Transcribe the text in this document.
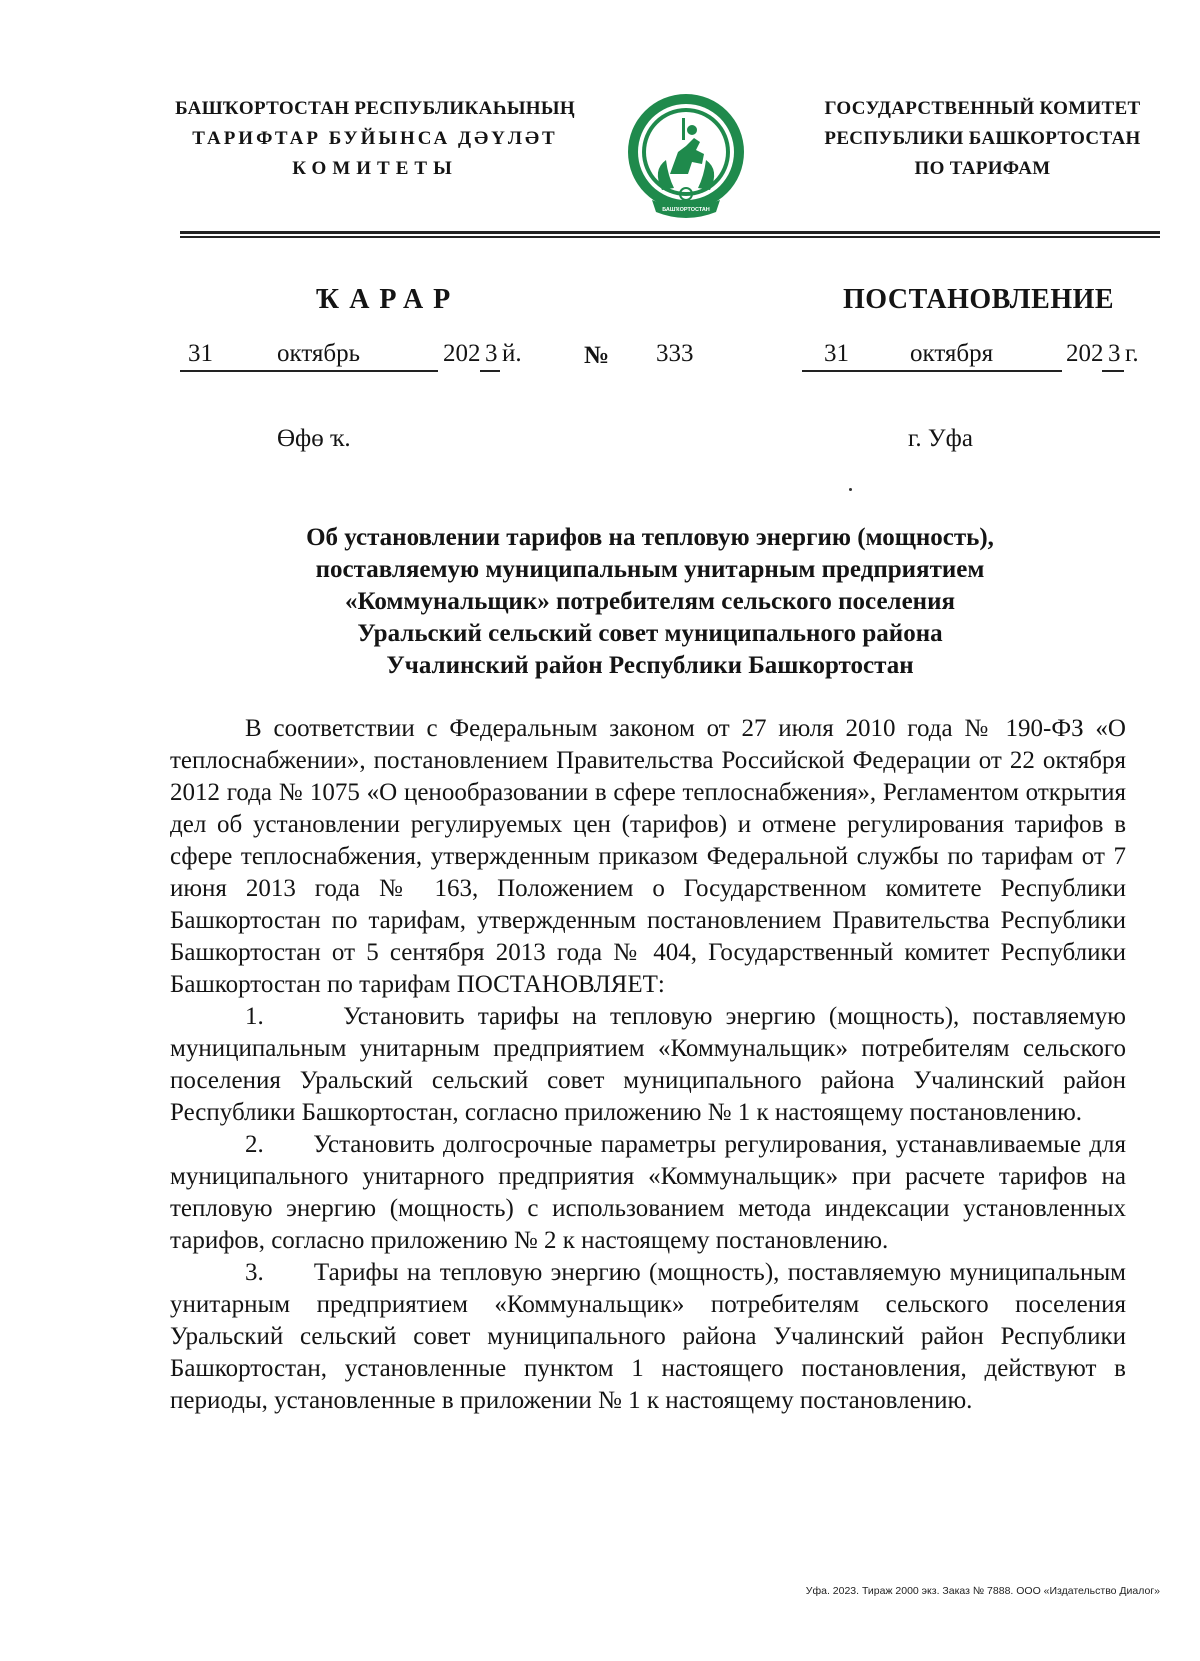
БАШҠОРТОСТАН РЕСПУБЛИКАҺЫНЫҢ
ТАРИФТАР БУЙЫНСА ДӘҮЛӘТ
КОМИТЕТЫ
БАШҠОРТОСТАН
ГОСУДАРСТВЕННЫЙ КОМИТЕТ
РЕСПУБЛИКИ БАШКОРТОСТАН
ПО ТАРИФАМ
ҠАРАР	ПОСТАНОВЛЕНИЕ
31	октябрь	202 3 й. № 333	31 октября	202 3 г.
Өфө ҡ.	г. Уфа
Об установлении тарифов на тепловую энергию (мощность),
поставляемую муниципальным унитарным предприятием
«Коммунальщик» потребителям сельского поселения
Уральский сельский совет муниципального района
Учалинский район Республики Башкортостан

В соответствии с Федеральным законом от 27 июля 2010 года № 190-ФЗ «О теплоснабжении», постановлением Правительства Российской Федерации от 22 октября 2012 года № 1075 «О ценообразовании в сфере теплоснабжения», Регламентом открытия дел об установлении регулируемых цен (тарифов) и отмене регулирования тарифов в сфере теплоснабжения, утвержденным приказом Федеральной службы по тарифам от 7 июня 2013 года № 163, Положением о Государственном комитете Республики Башкортостан по тарифам, утвержденным постановлением Правительства Республики Башкортостан от 5 сентября 2013 года № 404, Государственный комитет Республики Башкортостан по тарифам ПОСТАНОВЛЯЕТ:

1.      Установить тарифы на тепловую энергию (мощность), поставляемую муниципальным унитарным предприятием «Коммунальщик» потребителям сельского поселения Уральский сельский совет муниципального района Учалинский район Республики Башкортостан, согласно приложению № 1 к настоящему постановлению.

2.      Установить долгосрочные параметры регулирования, устанавливаемые для муниципального унитарного предприятия «Коммунальщик» при расчете тарифов на тепловую энергию (мощность) с использованием метода индексации установленных тарифов, согласно приложению № 2 к настоящему постановлению.

3.      Тарифы на тепловую энергию (мощность), поставляемую муниципальным унитарным предприятием «Коммунальщик» потребителям сельского поселения Уральский сельский совет муниципального района Учалинский район Республики Башкортостан, установленные пунктом 1 настоящего постановления, действуют в периоды, установленные в приложении № 1 к настоящему постановлению.

Уфа. 2023. Тираж 2000 экз. Заказ № 7888. ООО «Издательство Диалог»
